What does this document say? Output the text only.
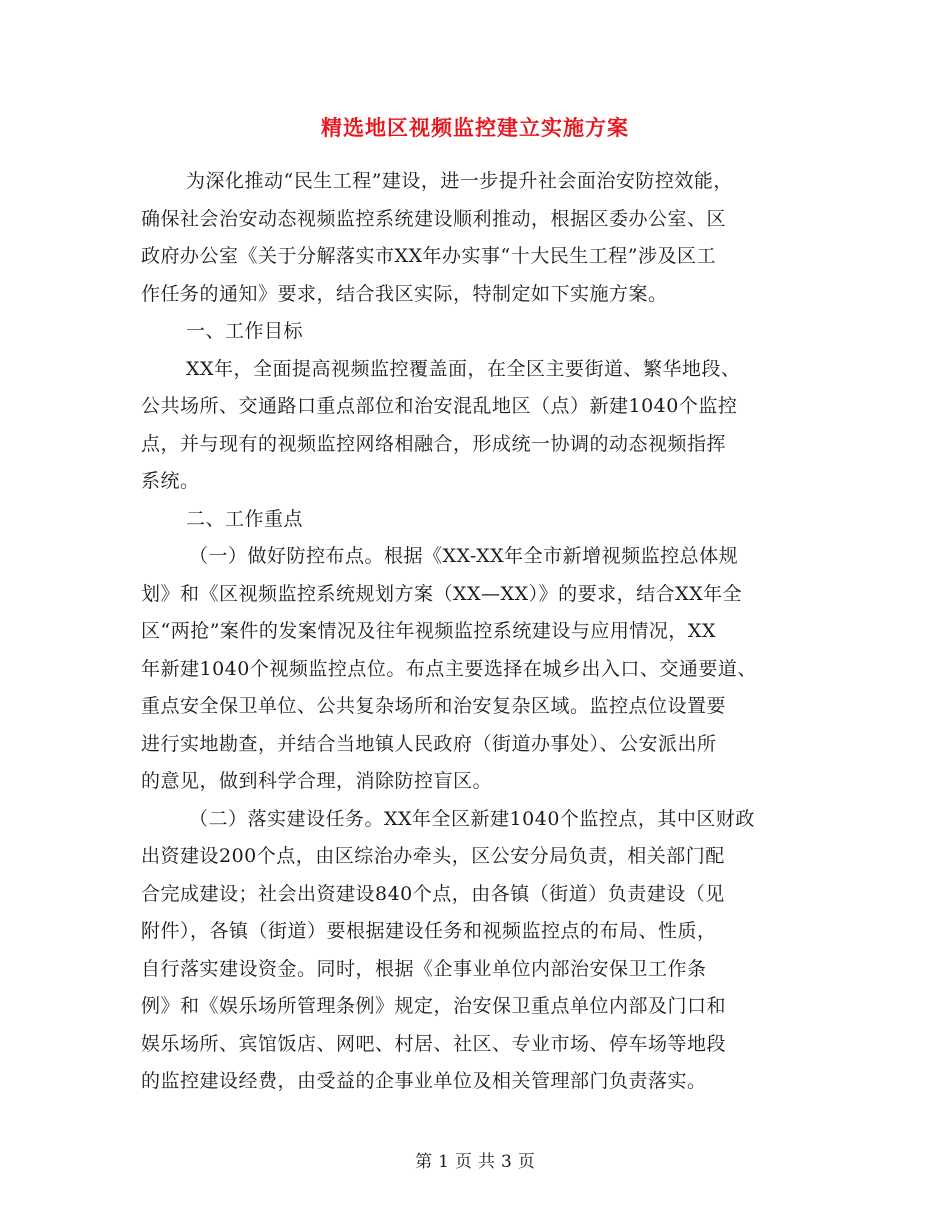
精选地区视频监控建立实施方案
为深化推动“民生工程”建设，进一步提升社会面治安防控效能，
确保社会治安动态视频监控系统建设顺利推动，根据区委办公室、区
政府办公室《关于分解落实市XX年办实事“十大民生工程”涉及区工
作任务的通知》要求，结合我区实际，特制定如下实施方案。
一、工作目标
XX年，全面提高视频监控覆盖面，在全区主要街道、繁华地段、
公共场所、交通路口重点部位和治安混乱地区（点）新建1040个监控
点，并与现有的视频监控网络相融合，形成统一协调的动态视频指挥
系统。
二、工作重点
（一）做好防控布点。根据《XX-XX年全市新增视频监控总体规
划》和《区视频监控系统规划方案（XX—XX）》的要求，结合XX年全
区“两抢”案件的发案情况及往年视频监控系统建设与应用情况，XX
年新建1040个视频监控点位。布点主要选择在城乡出入口、交通要道、
重点安全保卫单位、公共复杂场所和治安复杂区域。监控点位设置要
进行实地勘查，并结合当地镇人民政府（街道办事处）、公安派出所
的意见，做到科学合理，消除防控盲区。
（二）落实建设任务。XX年全区新建1040个监控点，其中区财政
出资建设200个点，由区综治办牵头，区公安分局负责，相关部门配
合完成建设；社会出资建设840个点，由各镇（街道）负责建设（见
附件），各镇（街道）要根据建设任务和视频监控点的布局、性质，
自行落实建设资金。同时，根据《企事业单位内部治安保卫工作条
例》和《娱乐场所管理条例》规定，治安保卫重点单位内部及门口和
娱乐场所、宾馆饭店、网吧、村居、社区、专业市场、停车场等地段
的监控建设经费，由受益的企事业单位及相关管理部门负责落实。
第 1 页 共 3 页
